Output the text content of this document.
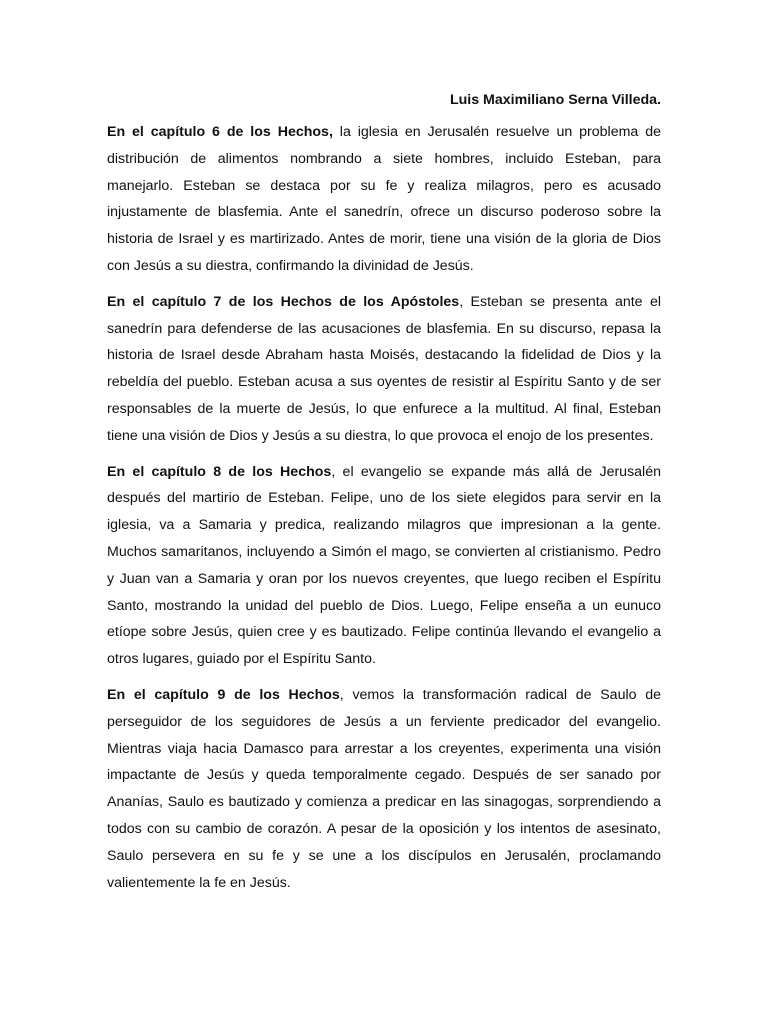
Luis Maximiliano Serna Villeda.

En el capítulo 6 de los Hechos, la iglesia en Jerusalén resuelve un problema de distribución de alimentos nombrando a siete hombres, incluido Esteban, para manejarlo. Esteban se destaca por su fe y realiza milagros, pero es acusado injustamente de blasfemia. Ante el sanedrín, ofrece un discurso poderoso sobre la historia de Israel y es martirizado. Antes de morir, tiene una visión de la gloria de Dios con Jesús a su diestra, confirmando la divinidad de Jesús.

En el capítulo 7 de los Hechos de los Apóstoles, Esteban se presenta ante el sanedrín para defenderse de las acusaciones de blasfemia. En su discurso, repasa la historia de Israel desde Abraham hasta Moisés, destacando la fidelidad de Dios y la rebeldía del pueblo. Esteban acusa a sus oyentes de resistir al Espíritu Santo y de ser responsables de la muerte de Jesús, lo que enfurece a la multitud. Al final, Esteban tiene una visión de Dios y Jesús a su diestra, lo que provoca el enojo de los presentes.

En el capítulo 8 de los Hechos, el evangelio se expande más allá de Jerusalén después del martirio de Esteban. Felipe, uno de los siete elegidos para servir en la iglesia, va a Samaria y predica, realizando milagros que impresionan a la gente. Muchos samaritanos, incluyendo a Simón el mago, se convierten al cristianismo. Pedro y Juan van a Samaria y oran por los nuevos creyentes, que luego reciben el Espíritu Santo, mostrando la unidad del pueblo de Dios. Luego, Felipe enseña a un eunuco etíope sobre Jesús, quien cree y es bautizado. Felipe continúa llevando el evangelio a otros lugares, guiado por el Espíritu Santo.

En el capítulo 9 de los Hechos, vemos la transformación radical de Saulo de perseguidor de los seguidores de Jesús a un ferviente predicador del evangelio. Mientras viaja hacia Damasco para arrestar a los creyentes, experimenta una visión impactante de Jesús y queda temporalmente cegado. Después de ser sanado por Ananías, Saulo es bautizado y comienza a predicar en las sinagogas, sorprendiendo a todos con su cambio de corazón. A pesar de la oposición y los intentos de asesinato, Saulo persevera en su fe y se une a los discípulos en Jerusalén, proclamando valientemente la fe en Jesús.
